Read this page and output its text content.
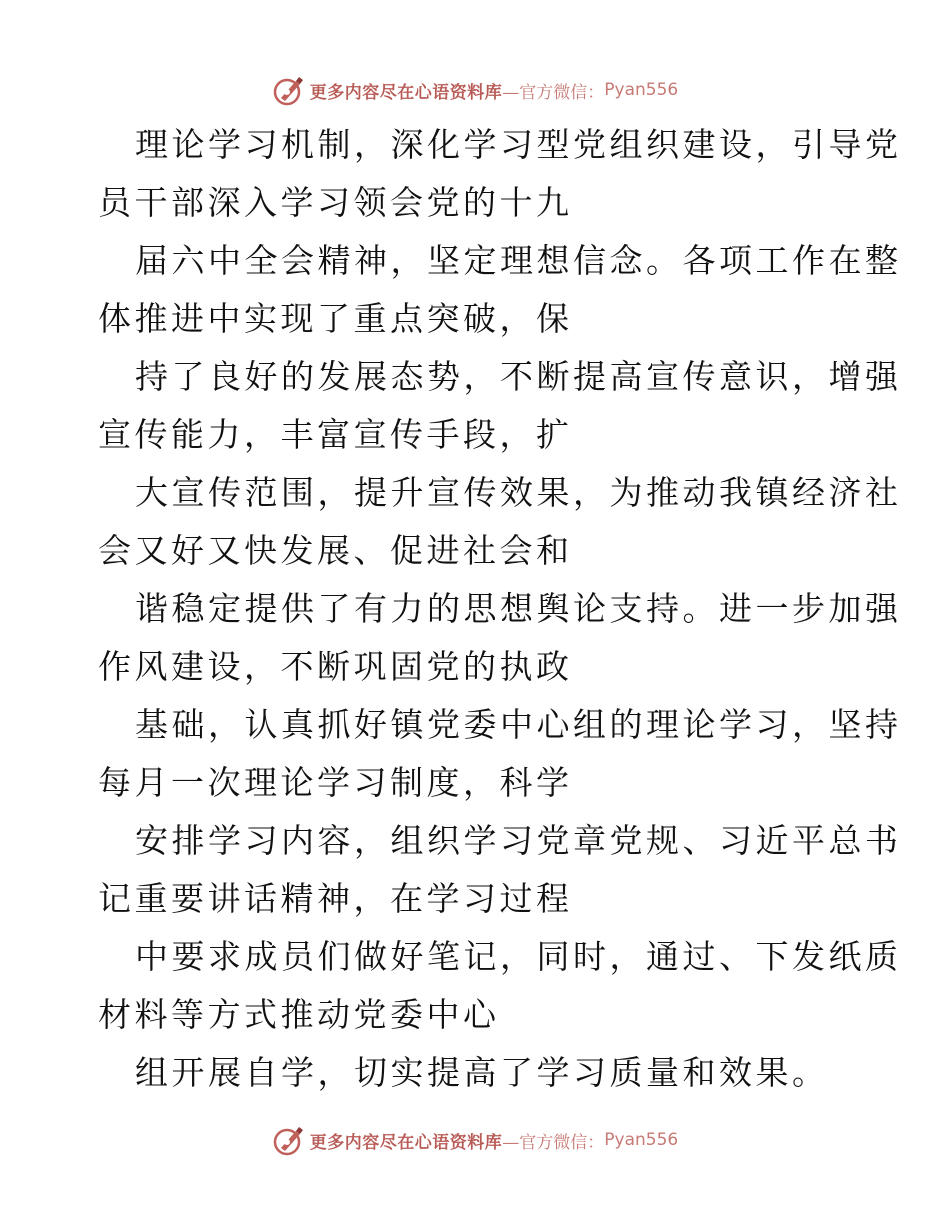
更多内容尽在心语资料库 —官方微信： Pyan556

理论学习机制，深化学习型党组织建设，引导党
员干部深入学习领会党的十九

届六中全会精神，坚定理想信念。各项工作在整
体推进中实现了重点突破，保

持了良好的发展态势，不断提高宣传意识，增强
宣传能力，丰富宣传手段，扩

大宣传范围，提升宣传效果，为推动我镇经济社
会又好又快发展、促进社会和

谐稳定提供了有力的思想舆论支持。进一步加强
作风建设，不断巩固党的执政

基础，认真抓好镇党委中心组的理论学习，坚持
每月一次理论学习制度，科学

安排学习内容，组织学习党章党规、习近平总书
记重要讲话精神，在学习过程

中要求成员们做好笔记，同时，通过、下发纸质
材料等方式推动党委中心

组开展自学，切实提高了学习质量和效果。

更多内容尽在心语资料库 —官方微信： Pyan556
